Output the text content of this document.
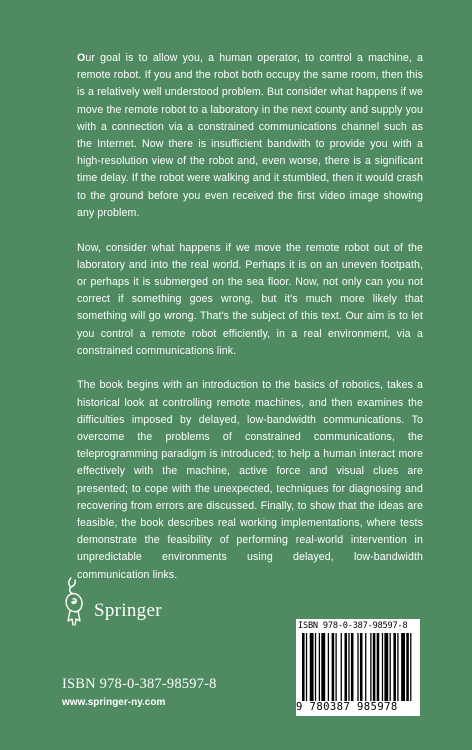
Our goal is to allow you, a human operator, to control a machine, a remote robot. If you and the robot both occupy the same room, then this is a relatively well understood problem. But consider what happens if we move the remote robot to a laboratory in the next county and supply you with a connection via a constrained communications channel such as the Internet. Now there is insufficient bandwith to provide you with a high-resolution view of the robot and, even worse, there is a significant time delay. If the robot were walking and it stumbled, then it would crash to the ground before you even received the first video image showing any problem.

Now, consider what happens if we move the remote robot out of the laboratory and into the real world. Perhaps it is on an uneven footpath, or perhaps it is submerged on the sea floor. Now, not only can you not correct if something goes wrong, but it's much more likely that something will go wrong. That's the subject of this text. Our aim is to let you control a remote robot efficiently, in a real environment, via a constrained communications link.

The book begins with an introduction to the basics of robotics, takes a historical look at controlling remote machines, and then examines the difficulties imposed by delayed, low-bandwidth communications. To overcome the problems of constrained communications, the teleprogramming paradigm is introduced; to help a human interact more effectively with the machine, active force and visual clues are presented; to cope with the unexpected, techniques for diagnosing and recovering from errors are discussed. Finally, to show that the ideas are feasible, the book describes real working implementations, where tests demonstrate the feasibility of performing real-world intervention in unpredictable environments using delayed, low-bandwidth communication links.

Springer
ISBN 978-0-387-98597-8
www.springer-ny.com
ISBN 978-0-387-98597-8
9 780387 985978
